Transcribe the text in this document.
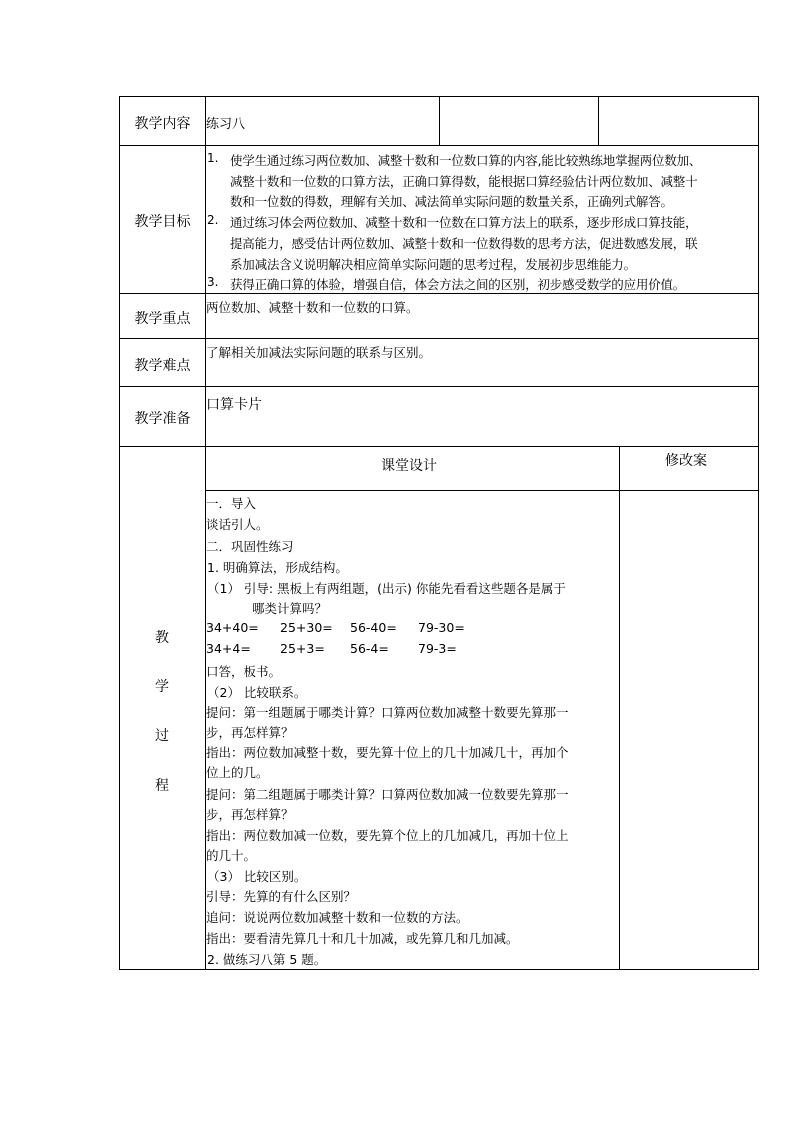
教学内容	练习八
教学目标
1. 使学生通过练习两位数加、减整十数和一位数口算的内容,能比较熟练地掌握两位数加、
减整十数和一位数的口算方法，正确口算得数，能根据口算经验估计两位数加、减整十
数和一位数的得数，理解有关加、减法简单实际问题的数量关系，正确列式解答。
2. 通过练习体会两位数加、减整十数和一位数在口算方法上的联系，逐步形成口算技能，
提高能力，感受估计两位数加、减整十数和一位数得数的思考方法，促进数感发展，联
系加减法含义说明解决相应简单实际问题的思考过程，发展初步思维能力。
3. 获得正确口算的体验，增强自信，体会方法之间的区别，初步感受数学的应用价值。
教学重点
两位数加、减整十数和一位数的口算。
教学难点
了解相关加减法实际问题的联系与区别。
教学准备
口算卡片
教
学
过
程
课堂设计	修改案
一．导入
谈话引人。
二．巩固性练习
1. 明确算法，形成结构。
（1） 引导: 黑板上有两组题，(出示) 你能先看看这些题各是属于
哪类计算吗？
34+40= 25+30= 56-40= 79-30=
34+4= 25+3= 56-4= 79-3=
口答，板书。
（2） 比较联系。
提问：第一组题属于哪类计算？口算两位数加减整十数要先算那一
步，再怎样算？
指出：两位数加减整十数，要先算十位上的几十加减几十，再加个
位上的几。
提问：第二组题属于哪类计算？口算两位数加减一位数要先算那一
步，再怎样算？
指出：两位数加减一位数，要先算个位上的几加减几，再加十位上
的几十。
（3） 比较区别。
引导：先算的有什么区别？
追问：说说两位数加减整十数和一位数的方法。
指出：要看清先算几十和几十加减，或先算几和几加减。
2. 做练习八第 5 题。
